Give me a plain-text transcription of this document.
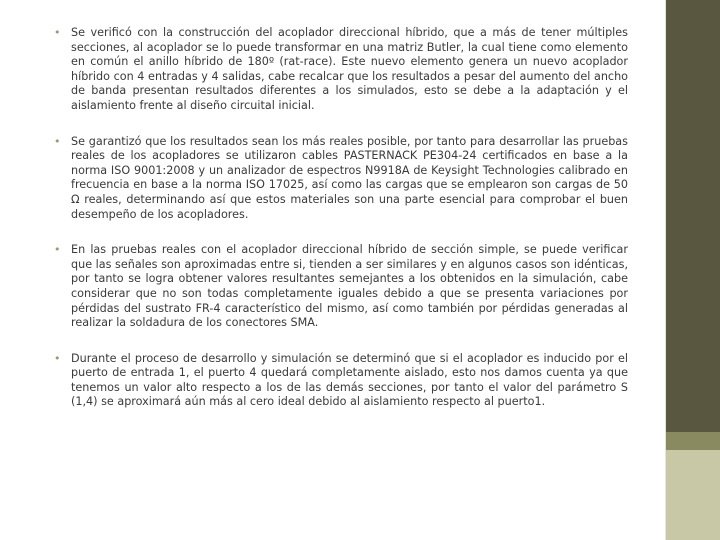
• Se verificó con la construcción del acoplador direccional híbrido, que a más de tener múltiples secciones, al acoplador se lo puede transformar en una matriz Butler, la cual tiene como elemento en común el anillo híbrido de 180º (rat-race). Este nuevo elemento genera un nuevo acoplador híbrido con 4 entradas y 4 salidas, cabe recalcar que los resultados a pesar del aumento del ancho de banda presentan resultados diferentes a los simulados, esto se debe a la adaptación y el aislamiento frente al diseño circuital inicial.
• Se garantizó que los resultados sean los más reales posible, por tanto para desarrollar las pruebas reales de los acopladores se utilizaron cables PASTERNACK PE304-24 certificados en base a la norma ISO 9001:2008 y un analizador de espectros N9918A de Keysight Technologies calibrado en frecuencia en base a la norma ISO 17025, así como las cargas que se emplearon son cargas de 50 Ω reales, determinando así que estos materiales son una parte esencial para comprobar el buen desempeño de los acopladores.
• En las pruebas reales con el acoplador direccional híbrido de sección simple, se puede verificar que las señales son aproximadas entre si, tienden a ser similares y en algunos casos son idénticas, por tanto se logra obtener valores resultantes semejantes a los obtenidos en la simulación, cabe considerar que no son todas completamente iguales debido a que se presenta variaciones por pérdidas del sustrato FR-4 característico del mismo, así como también por pérdidas generadas al realizar la soldadura de los conectores SMA.
• Durante el proceso de desarrollo y simulación se determinó que si el acoplador es inducido por el puerto de entrada 1, el puerto 4 quedará completamente aislado, esto nos damos cuenta ya que tenemos un valor alto respecto a los de las demás secciones, por tanto el valor del parámetro S (1,4) se aproximará aún más al cero ideal debido al aislamiento respecto al puerto1.
